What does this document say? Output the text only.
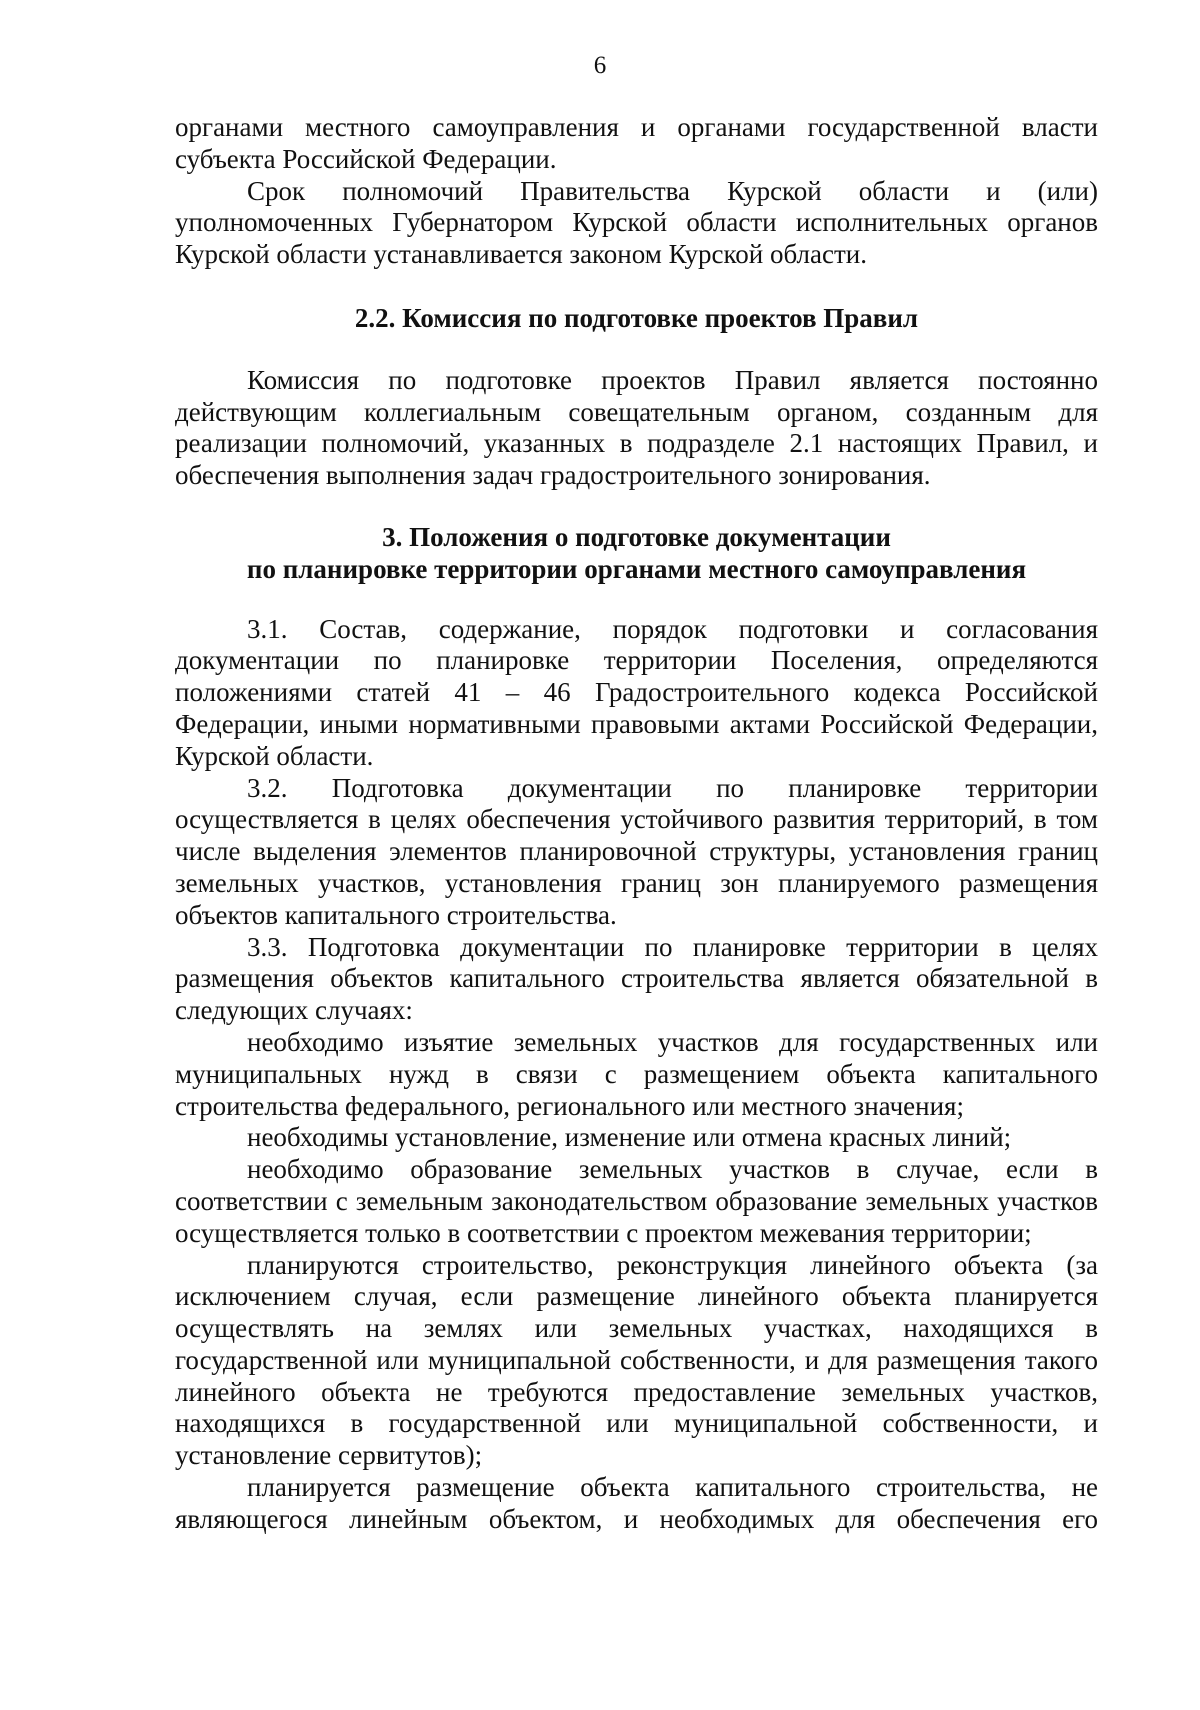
6

органами местного самоуправления и органами государственной власти субъекта Российской Федерации.

Срок полномочий Правительства Курской области и (или) уполномоченных Губернатором Курской области исполнительных органов Курской области устанавливается законом Курской области.

2.2. Комиссия по подготовке проектов Правил

Комиссия по подготовке проектов Правил является постоянно действующим коллегиальным совещательным органом, созданным для реализации полномочий, указанных в подразделе 2.1 настоящих Правил, и обеспечения выполнения задач градостроительного зонирования.

3. Положения о подготовке документации

по планировке территории органами местного самоуправления

3.1. Состав, содержание, порядок подготовки и согласования документации по планировке территории Поселения, определяются положениями статей 41 – 46 Градостроительного кодекса Российской Федерации, иными нормативными правовыми актами Российской Федерации, Курской области.

3.2. Подготовка документации по планировке территории осуществляется в целях обеспечения устойчивого развития территорий, в том числе выделения элементов планировочной структуры, установления границ земельных участков, установления границ зон планируемого размещения объектов капитального строительства.

3.3. Подготовка документации по планировке территории в целях размещения объектов капитального строительства является обязательной в следующих случаях:

необходимо изъятие земельных участков для государственных или муниципальных нужд в связи с размещением объекта капитального строительства федерального, регионального или местного значения;

необходимы установление, изменение или отмена красных линий;

необходимо образование земельных участков в случае, если в соответствии с земельным законодательством образование земельных участков осуществляется только в соответствии с проектом межевания территории;

планируются строительство, реконструкция линейного объекта (за исключением случая, если размещение линейного объекта планируется осуществлять на землях или земельных участках, находящихся в государственной или муниципальной собственности, и для размещения такого линейного объекта не требуются предоставление земельных участков, находящихся в государственной или муниципальной собственности, и установление сервитутов);

планируется размещение объекта капитального строительства, не являющегося линейным объектом, и необходимых для обеспечения его
